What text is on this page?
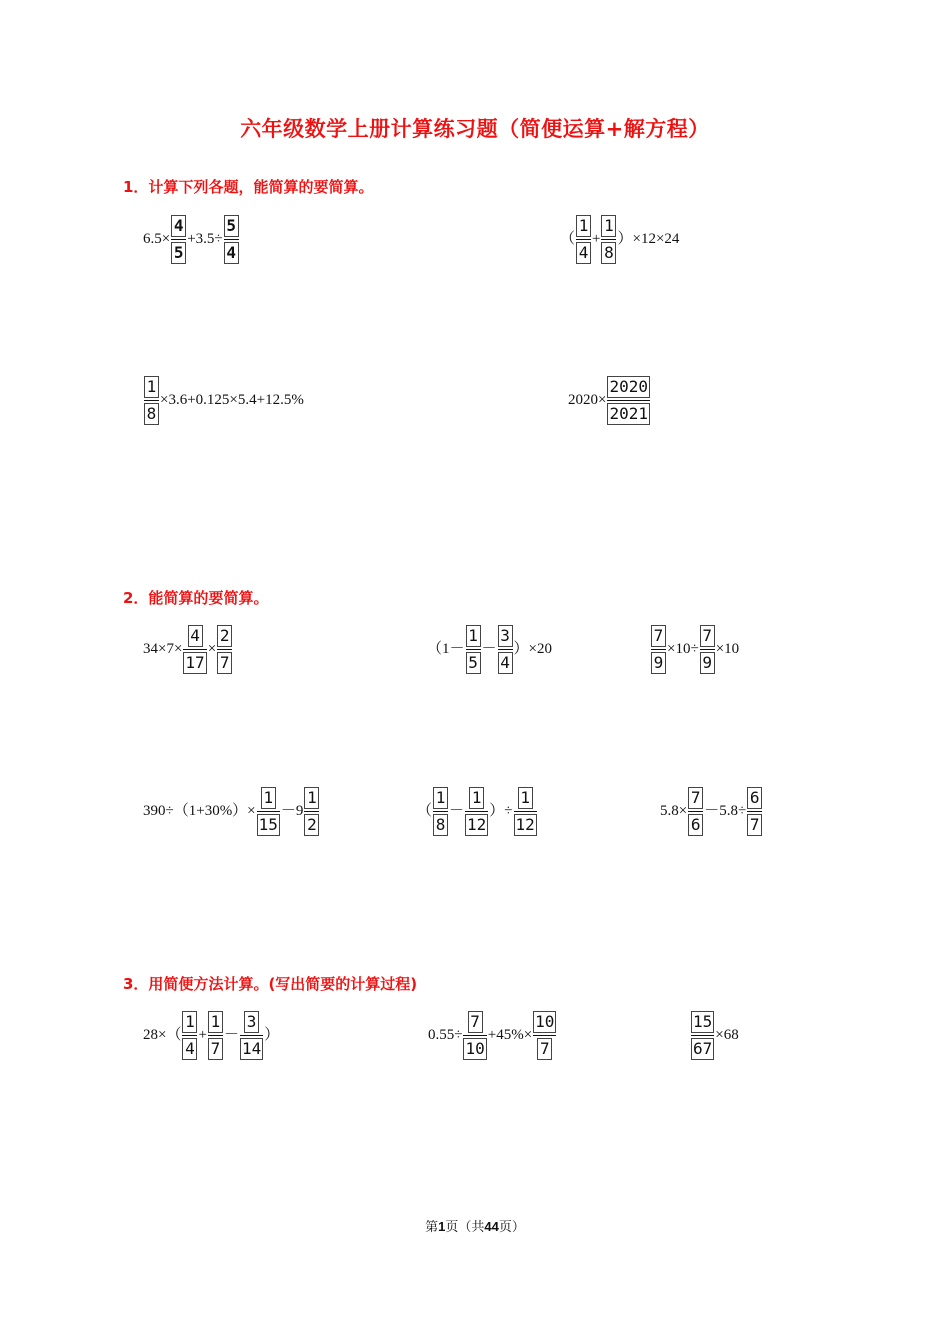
六年级数学上册计算练习题（简便运算+解方程）
1．计算下列各题，能简算的要简算。
$6.5\times \frac{4}{5} +3.5\div \frac{5}{4}$	（ $\frac{1}{4} + \frac{1}{8} )\times 12\times 24$
$\frac{1}{8} \times 3.6+0.125\times 5.4+12.5\%$	$2020\times \frac{2020}{2021}$
2．能简算的要简算。
$34\times 7\times \frac{4}{17} \times \frac{2}{7}$	$(1- \frac{1}{5} - \frac{3}{4} )\times 20$	$\frac{7}{9} \times 10\div \frac{7}{9} \times 10$
$390\div(1+30\%)\times \frac{1}{15} -9 \frac{1}{2}$	（ $\frac{1}{8} - \frac{1}{12}$ ）÷ $\frac{1}{12}$	$5.8\times \frac{7}{6} -5.8\div \frac{6}{7}$
3．用简便方法计算。(写出简要的计算过程)
$28\times( \frac{1}{4} + \frac{1}{7} - \frac{3}{14}$ ）	$0.55\div \frac{7}{10} +45\%\times \frac{10}{7}$	$\frac{15}{67} \times 68$
第1页（共44页）
